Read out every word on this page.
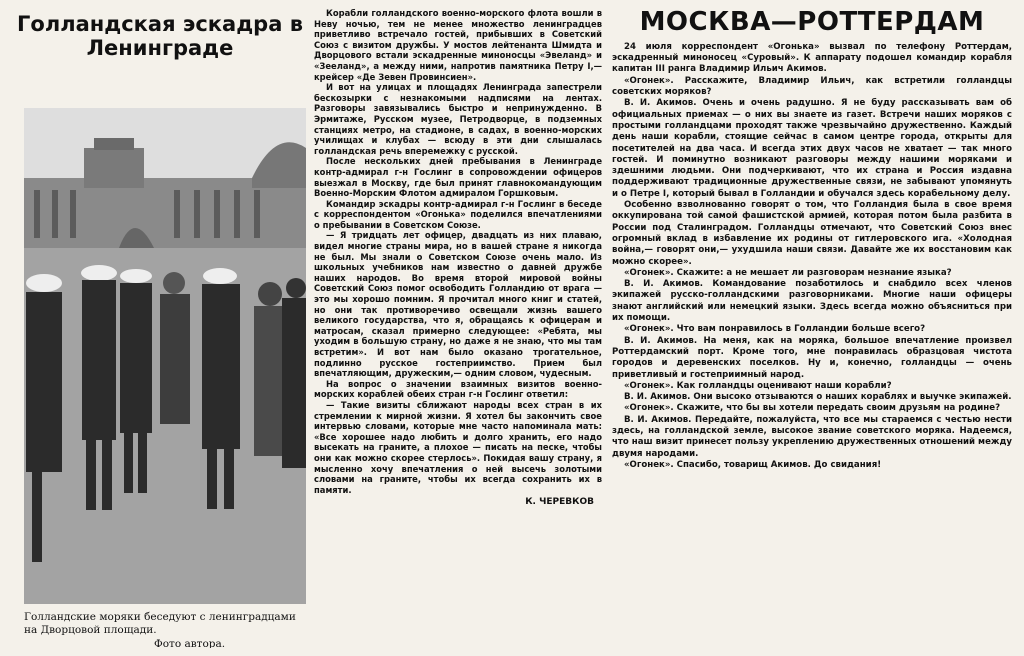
Голландская эскадра в Ленинграде

Голландские моряки беседуют с ленинградцами на Дворцовой площади.

Фото автора.

Корабли голландского военно-морского флота вошли в Неву ночью, тем не менее множество ленинградцев приветливо встречало гостей, прибывших в Советский Союз с визитом дружбы. У мостов лейтенанта Шмидта и Дворцового встали эскадренные миноносцы «Эвеланд» и «Зееланд», а между ними, напротив памятника Петру I,— крейсер «Де Зевен Провинсиен».

И вот на улицах и площадях Ленинграда запестрели бескозырки с незнакомыми надписями на лентах. Разговоры завязывались быстро и непринужденно. В Эрмитаже, Русском музее, Петродворце, в подземных станциях метро, на стадионе, в садах, в военно-морских училищах и клубах — всюду в эти дни слышалась голландская речь вперемежку с русской.

После нескольких дней пребывания в Ленинграде контр-адмирал г-н Гослинг в сопровождении офицеров выезжал в Москву, где был принят главнокомандующим Военно-Морским Флотом адмиралом Горшковым.

Командир эскадры контр-адмирал г-н Гослинг в беседе с корреспондентом «Огонька» поделился впечатлениями о пребывании в Советском Союзе.

— Я тридцать лет офицер, двадцать из них плаваю, видел многие страны мира, но в вашей стране я никогда не был. Мы знали о Советском Союзе очень мало. Из школьных учебников нам известно о давней дружбе наших народов. Во время второй мировой войны Советский Союз помог освободить Голландию от врага — это мы хорошо помним. Я прочитал много книг и статей, но они так противоречиво освещали жизнь вашего великого государства, что я, обращаясь к офицерам и матросам, сказал примерно следующее: «Ребята, мы уходим в большую страну, но даже я не знаю, что мы там встретим». И вот нам было оказано трогательное, подлинно русское гостеприимство. Прием был впечатляющим, дружеским,— одним словом, чудесным.

На вопрос о значении взаимных визитов военно-морских кораблей обеих стран г-н Гослинг ответил:

— Такие визиты сближают народы всех стран в их стремлении к мирной жизни. Я хотел бы закончить свое интервью словами, которые мне часто напоминала мать: «Все хорошее надо любить и долго хранить, его надо высекать на граните, а плохое — писать на песке, чтобы они как можно скорее стерлось». Покидая вашу страну, я мысленно хочу впечатления о ней высечь золотыми словами на граните, чтобы их всегда сохранить их в памяти.

К. ЧЕРЕВКОВ
МОСКВА—РОТТЕРДАМ

24 июля корреспондент «Огонька» вызвал по телефону Роттердам, эскадренный миноносец «Суровый». К аппарату подошел командир корабля капитан III ранга Владимир Ильич Акимов.

«Огонек». Расскажите, Владимир Ильич, как встретили голландцы советских моряков?

В. И. Акимов. Очень и очень радушно. Я не буду рассказывать вам об официальных приемах — о них вы знаете из газет. Встречи наших моряков с простыми голландцами проходят также чрезвычайно дружественно. Каждый день наши корабли, стоящие сейчас в самом центре города, открыты для посетителей на два часа. И всегда этих двух часов не хватает — так много гостей. И поминутно возникают разговоры между нашими моряками и здешними людьми. Они подчеркивают, что их страна и Россия издавна поддерживают традиционные дружественные связи, не забывают упомянуть и о Петре I, который бывал в Голландии и обучался здесь корабельному делу.

Особенно взволнованно говорят о том, что Голландия была в свое время оккупирована той самой фашистской армией, которая потом была разбита в России под Сталинградом. Голландцы отмечают, что Советский Союз внес огромный вклад в избавление их родины от гитлеровского ига. «Холодная война,— говорят они,— ухудшила наши связи. Давайте же их восстановим как можно скорее».

«Огонек». Скажите: а не мешает ли разговорам незнание языка?

В. И. Акимов. Командование позаботилось и снабдило всех членов экипажей русско-голландскими разговорниками. Многие наши офицеры знают английский или немецкий языки. Здесь всегда можно объясниться при их помощи.

«Огонек». Что вам понравилось в Голландии больше всего?

В. И. Акимов. На меня, как на моряка, большое впечатление произвел Роттердамский порт. Кроме того, мне понравилась образцовая чистота городов и деревенских поселков. Ну и, конечно, голландцы — очень приветливый и гостеприимный народ.

«Огонек». Как голландцы оценивают наши корабли?

В. И. Акимов. Они высоко отзываются о наших кораблях и выучке экипажей.

«Огонек». Скажите, что бы вы хотели передать своим друзьям на родине?

В. И. Акимов. Передайте, пожалуйста, что все мы стараемся с честью нести здесь, на голландской земле, высокое звание советского моряка. Надеемся, что наш визит принесет пользу укреплению дружественных отношений между двумя народами.

«Огонек». Спасибо, товарищ Акимов. До свидания!
